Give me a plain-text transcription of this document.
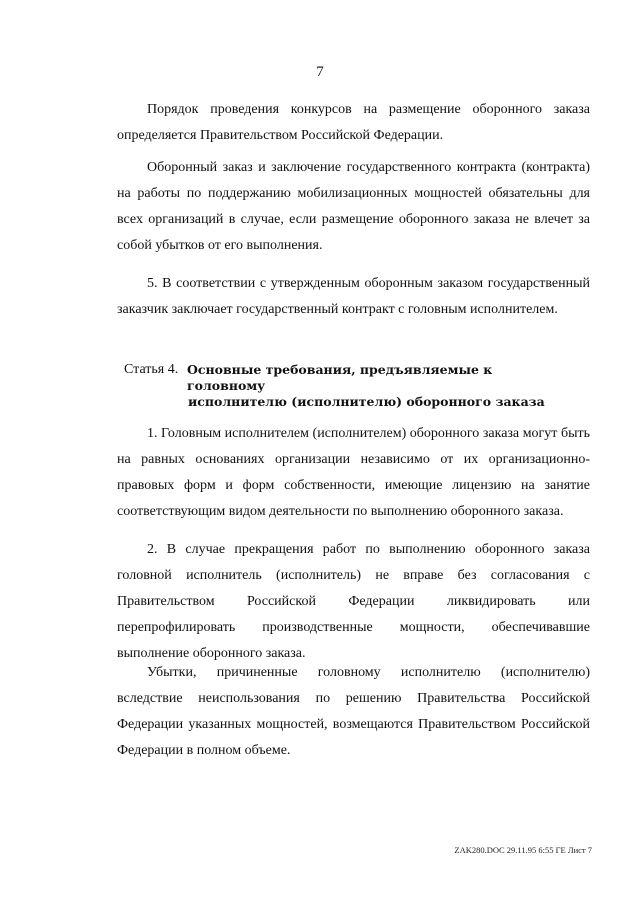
7

Порядок проведения конкурсов на размещение оборонного заказа определяется Правительством Российской Федерации.

Оборонный заказ и заключение государственного контракта (контракта) на работы по поддержанию мобилизационных мощностей обязательны для всех организаций в случае, если размещение оборонного заказа не влечет за собой убытков от его выполнения.

5. В соответствии с утвержденным оборонным заказом государственный заказчик заключает государственный контракт с головным исполнителем.

Статья 4. Основные требования, предъявляемые к головному
исполнителю (исполнителю) оборонного заказа

1. Головным исполнителем (исполнителем) оборонного заказа могут быть на равных основаниях организации независимо от их организационно-правовых форм и форм собственности, имеющие лицензию на занятие соответствующим видом деятельности по выполнению оборонного заказа.

2. В случае прекращения работ по выполнению оборонного заказа головной исполнитель (исполнитель) не вправе без согласования с Правительством Российской Федерации ликвидировать или перепрофилировать производственные мощности, обеспечивавшие выполнение оборонного заказа.

Убытки, причиненные головному исполнителю (исполнителю) вследствие неиспользования по решению Правительства Российской Федерации указанных мощностей, возмещаются Правительством Российской Федерации в полном объеме.

ZAK280.DOC 29.11.95 6:55 ГЕ Лист 7
